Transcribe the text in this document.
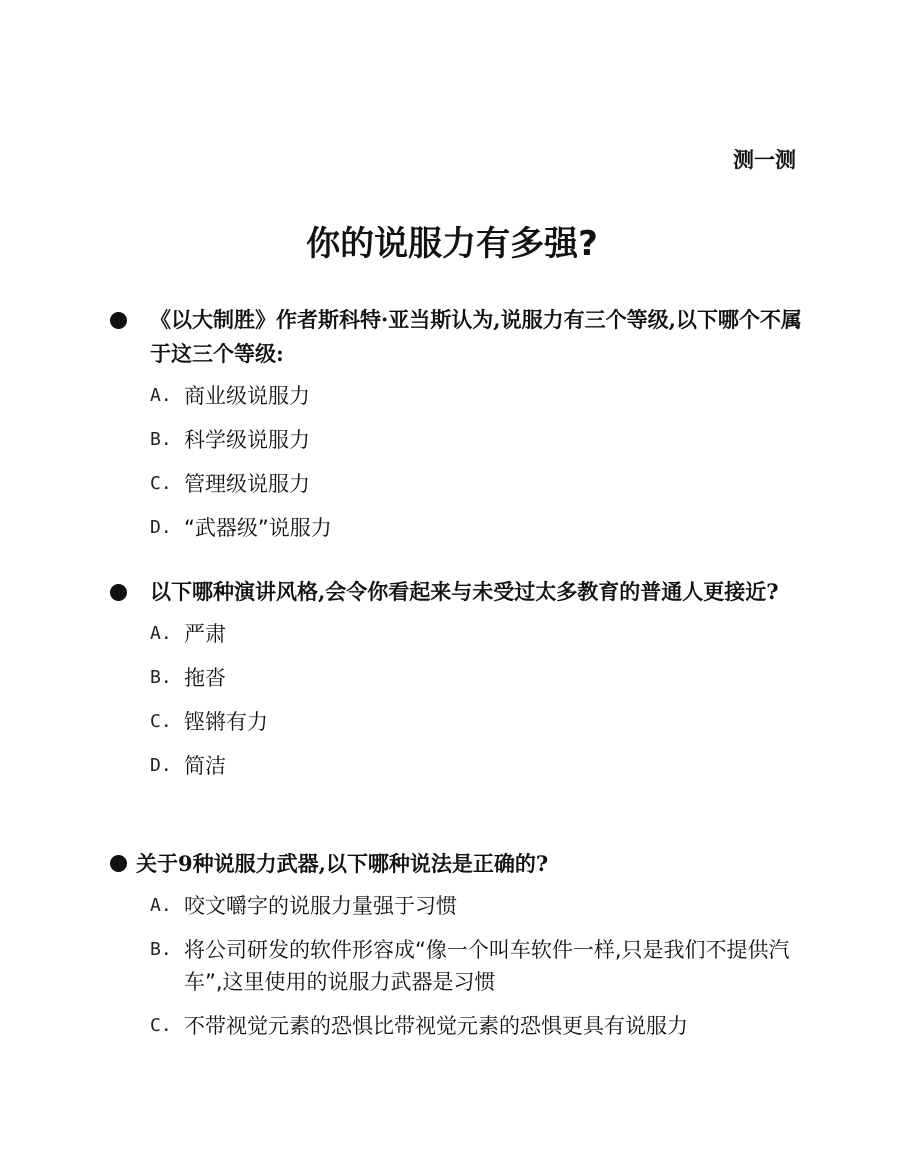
测一测
你的说服力有多强?
《以大制胜》作者斯科特·亚当斯认为,说服力有三个等级,以下哪个不属于这三个等级:
A. 商业级说服力
B. 科学级说服力
C. 管理级说服力
D. “武器级”说服力
以下哪种演讲风格,会令你看起来与未受过太多教育的普通人更接近?
A. 严肃
B. 拖沓
C. 铿锵有力
D. 简洁
关于9种说服力武器,以下哪种说法是正确的?
A. 咬文嚼字的说服力量强于习惯
B. 将公司研发的软件形容成“像一个叫车软件一样,只是我们不提供汽车”,这里使用的说服力武器是习惯
C. 不带视觉元素的恐惧比带视觉元素的恐惧更具有说服力
